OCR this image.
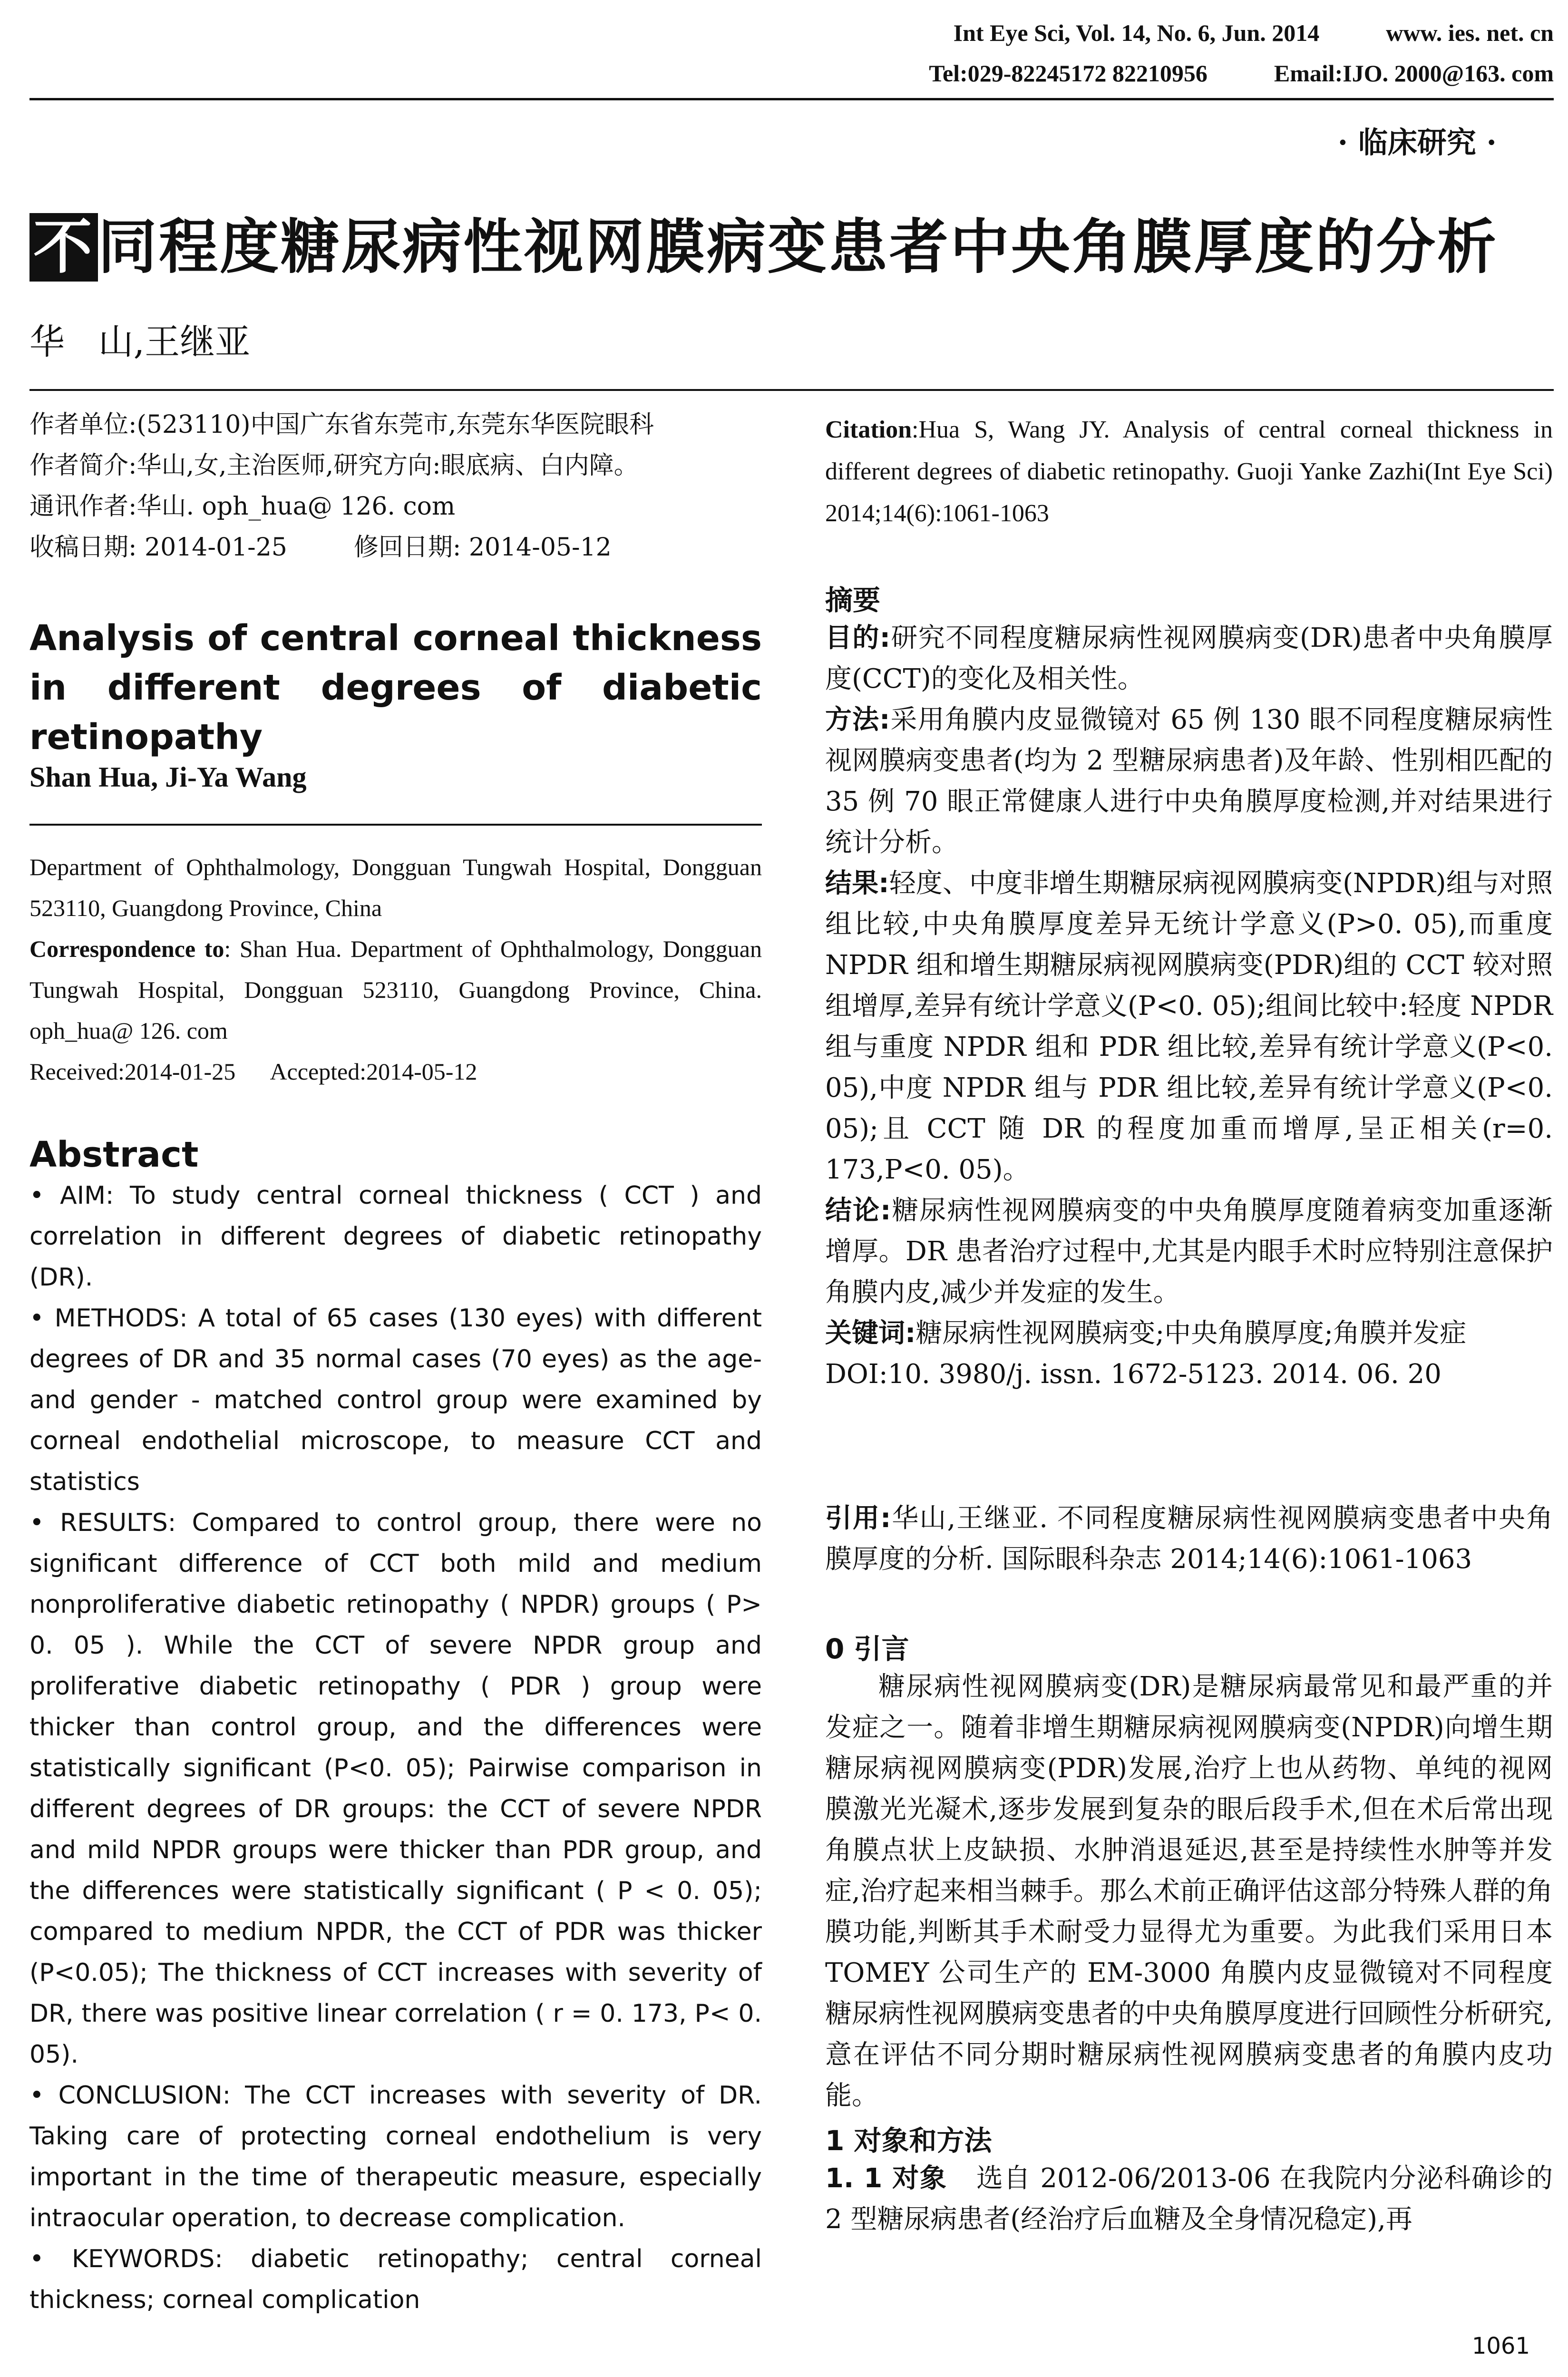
Int Eye Sci, Vol. 14, No. 6, Jun. 2014	www. ies. net. cn
Tel:029-82245172 82210956	Email:IJO. 2000@163. com
· 临床研究 ·
不同程度糖尿病性视网膜病变患者中央角膜厚度的分析
华   山,王继亚
作者单位:(523110)中国广东省东莞市,东莞东华医院眼科
作者简介:华山,女,主治医师,研究方向:眼底病、白内障。
通讯作者:华山. oph_hua@ 126. com
收稿日期: 2014-01-25	修回日期: 2014-05-12
Analysis of central corneal thickness in different degrees of diabetic retinopathy
Shan Hua, Ji-Ya Wang
Department of Ophthalmology, Dongguan Tungwah Hospital, Dongguan 523110, Guangdong Province, China
Correspondence to: Shan Hua. Department of Ophthalmology, Dongguan Tungwah Hospital, Dongguan 523110, Guangdong Province, China. oph_hua@ 126. com
Received:2014-01-25      Accepted:2014-05-12
Abstract

• AIM: To study central corneal thickness ( CCT ) and correlation in different degrees of diabetic retinopathy (DR).

• METHODS: A total of 65 cases (130 eyes) with different degrees of DR and 35 normal cases (70 eyes) as the age- and gender - matched control group were examined by corneal endothelial microscope, to measure CCT and statistics

• RESULTS: Compared to control group, there were no significant difference of CCT both mild and medium nonproliferative diabetic retinopathy ( NPDR) groups ( P> 0. 05 ). While the CCT of severe NPDR group and proliferative diabetic retinopathy ( PDR ) group were thicker than control group, and the differences were statistically significant (P<0. 05); Pairwise comparison in different degrees of DR groups: the CCT of severe NPDR and mild NPDR groups were thicker than PDR group, and the differences were statistically significant ( P < 0. 05); compared to medium NPDR, the CCT of PDR was thicker (P<0.05); The thickness of CCT increases with severity of DR, there was positive linear correlation ( r = 0. 173, P< 0. 05).

• CONCLUSION: The CCT increases with severity of DR. Taking care of protecting corneal endothelium is very important in the time of therapeutic measure, especially intraocular operation, to decrease complication.

• KEYWORDS: diabetic retinopathy; central corneal thickness; corneal complication

Citation:Hua S, Wang JY. Analysis of central corneal thickness in different degrees of diabetic retinopathy. Guoji Yanke Zazhi(Int Eye Sci) 2014;14(6):1061-1063
摘要

目的:研究不同程度糖尿病性视网膜病变(DR)患者中央角膜厚度(CCT)的变化及相关性。

方法:采用角膜内皮显微镜对 65 例 130 眼不同程度糖尿病性视网膜病变患者(均为 2 型糖尿病患者)及年龄、性别相匹配的 35 例 70 眼正常健康人进行中央角膜厚度检测,并对结果进行统计分析。

结果:轻度、中度非增生期糖尿病视网膜病变(NPDR)组与对照组比较,中央角膜厚度差异无统计学意义(P>0. 05),而重度 NPDR 组和增生期糖尿病视网膜病变(PDR)组的 CCT 较对照组增厚,差异有统计学意义(P<0. 05);组间比较中:轻度 NPDR 组与重度 NPDR 组和 PDR 组比较,差异有统计学意义(P<0. 05),中度 NPDR 组与 PDR 组比较,差异有统计学意义(P<0. 05);且 CCT 随 DR 的程度加重而增厚,呈正相关(r=0. 173,P<0. 05)。

结论:糖尿病性视网膜病变的中央角膜厚度随着病变加重逐渐增厚。DR 患者治疗过程中,尤其是内眼手术时应特别注意保护角膜内皮,减少并发症的发生。

关键词:糖尿病性视网膜病变;中央角膜厚度;角膜并发症

DOI:10. 3980/j. issn. 1672-5123. 2014. 06. 20

引用:华山,王继亚. 不同程度糖尿病性视网膜病变患者中央角膜厚度的分析. 国际眼科杂志 2014;14(6):1061-1063

0 引言

糖尿病性视网膜病变(DR)是糖尿病最常见和最严重的并发症之一。随着非增生期糖尿病视网膜病变(NPDR)向增生期糖尿病视网膜病变(PDR)发展,治疗上也从药物、单纯的视网膜激光光凝术,逐步发展到复杂的眼后段手术,但在术后常出现角膜点状上皮缺损、水肿消退延迟,甚至是持续性水肿等并发症,治疗起来相当棘手。那么术前正确评估这部分特殊人群的角膜功能,判断其手术耐受力显得尤为重要。为此我们采用日本 TOMEY 公司生产的 EM-3000 角膜内皮显微镜对不同程度糖尿病性视网膜病变患者的中央角膜厚度进行回顾性分析研究,意在评估不同分期时糖尿病性视网膜病变患者的角膜内皮功能。

1 对象和方法

1. 1 对象 选自 2012-06/2013-06 在我院内分泌科确诊的 2 型糖尿病患者(经治疗后血糖及全身情况稳定),再

1061
